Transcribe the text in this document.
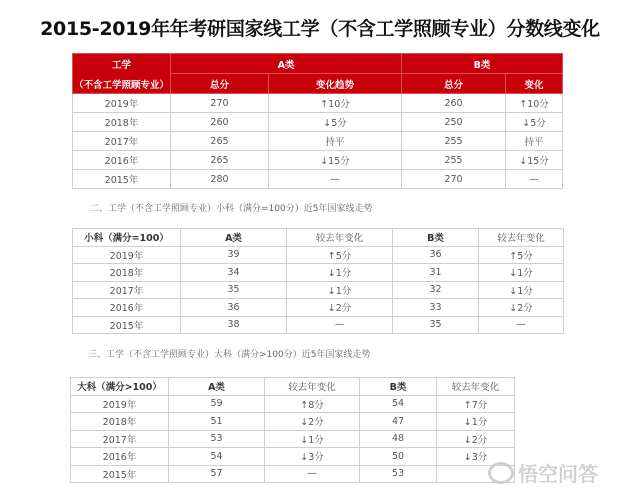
2015-2019年年考研国家线工学（不含工学照顾专业）分数线变化
工学
（不含工学照顾专业）	A类		B类	
	总分	变化趋势	总分	变化
2019年	270	↑10分	260	↑10分
2018年	260	↓5分	250	↓5分
2017年	265	持平	255	持平
2016年	265	↓15分	255	↓15分
2015年	280	—	270	—
二、工学（不含工学照顾专业）小科（满分=100分）近5年国家线走势
小科（满分=100）	A类	较去年变化	B类	较去年变化
2019年	39	↑5分	36	↑5分
2018年	34	↓1分	31	↓1分
2017年	35	↓1分	32	↓1分
2016年	36	↓2分	33	↓2分
2015年	38	—	35	—
三、工学（不含工学照顾专业）大科（满分>100分）近5年国家线走势
大科（满分>100）	A类	较去年变化	B类	较去年变化
2019年	59	↑8分	54	↑7分
2018年	51	↓2分	47	↓1分
2017年	53	↓1分	48	↓2分
2016年	54	↓3分	50	↓3分
2015年	57	—	53		悟空问答
